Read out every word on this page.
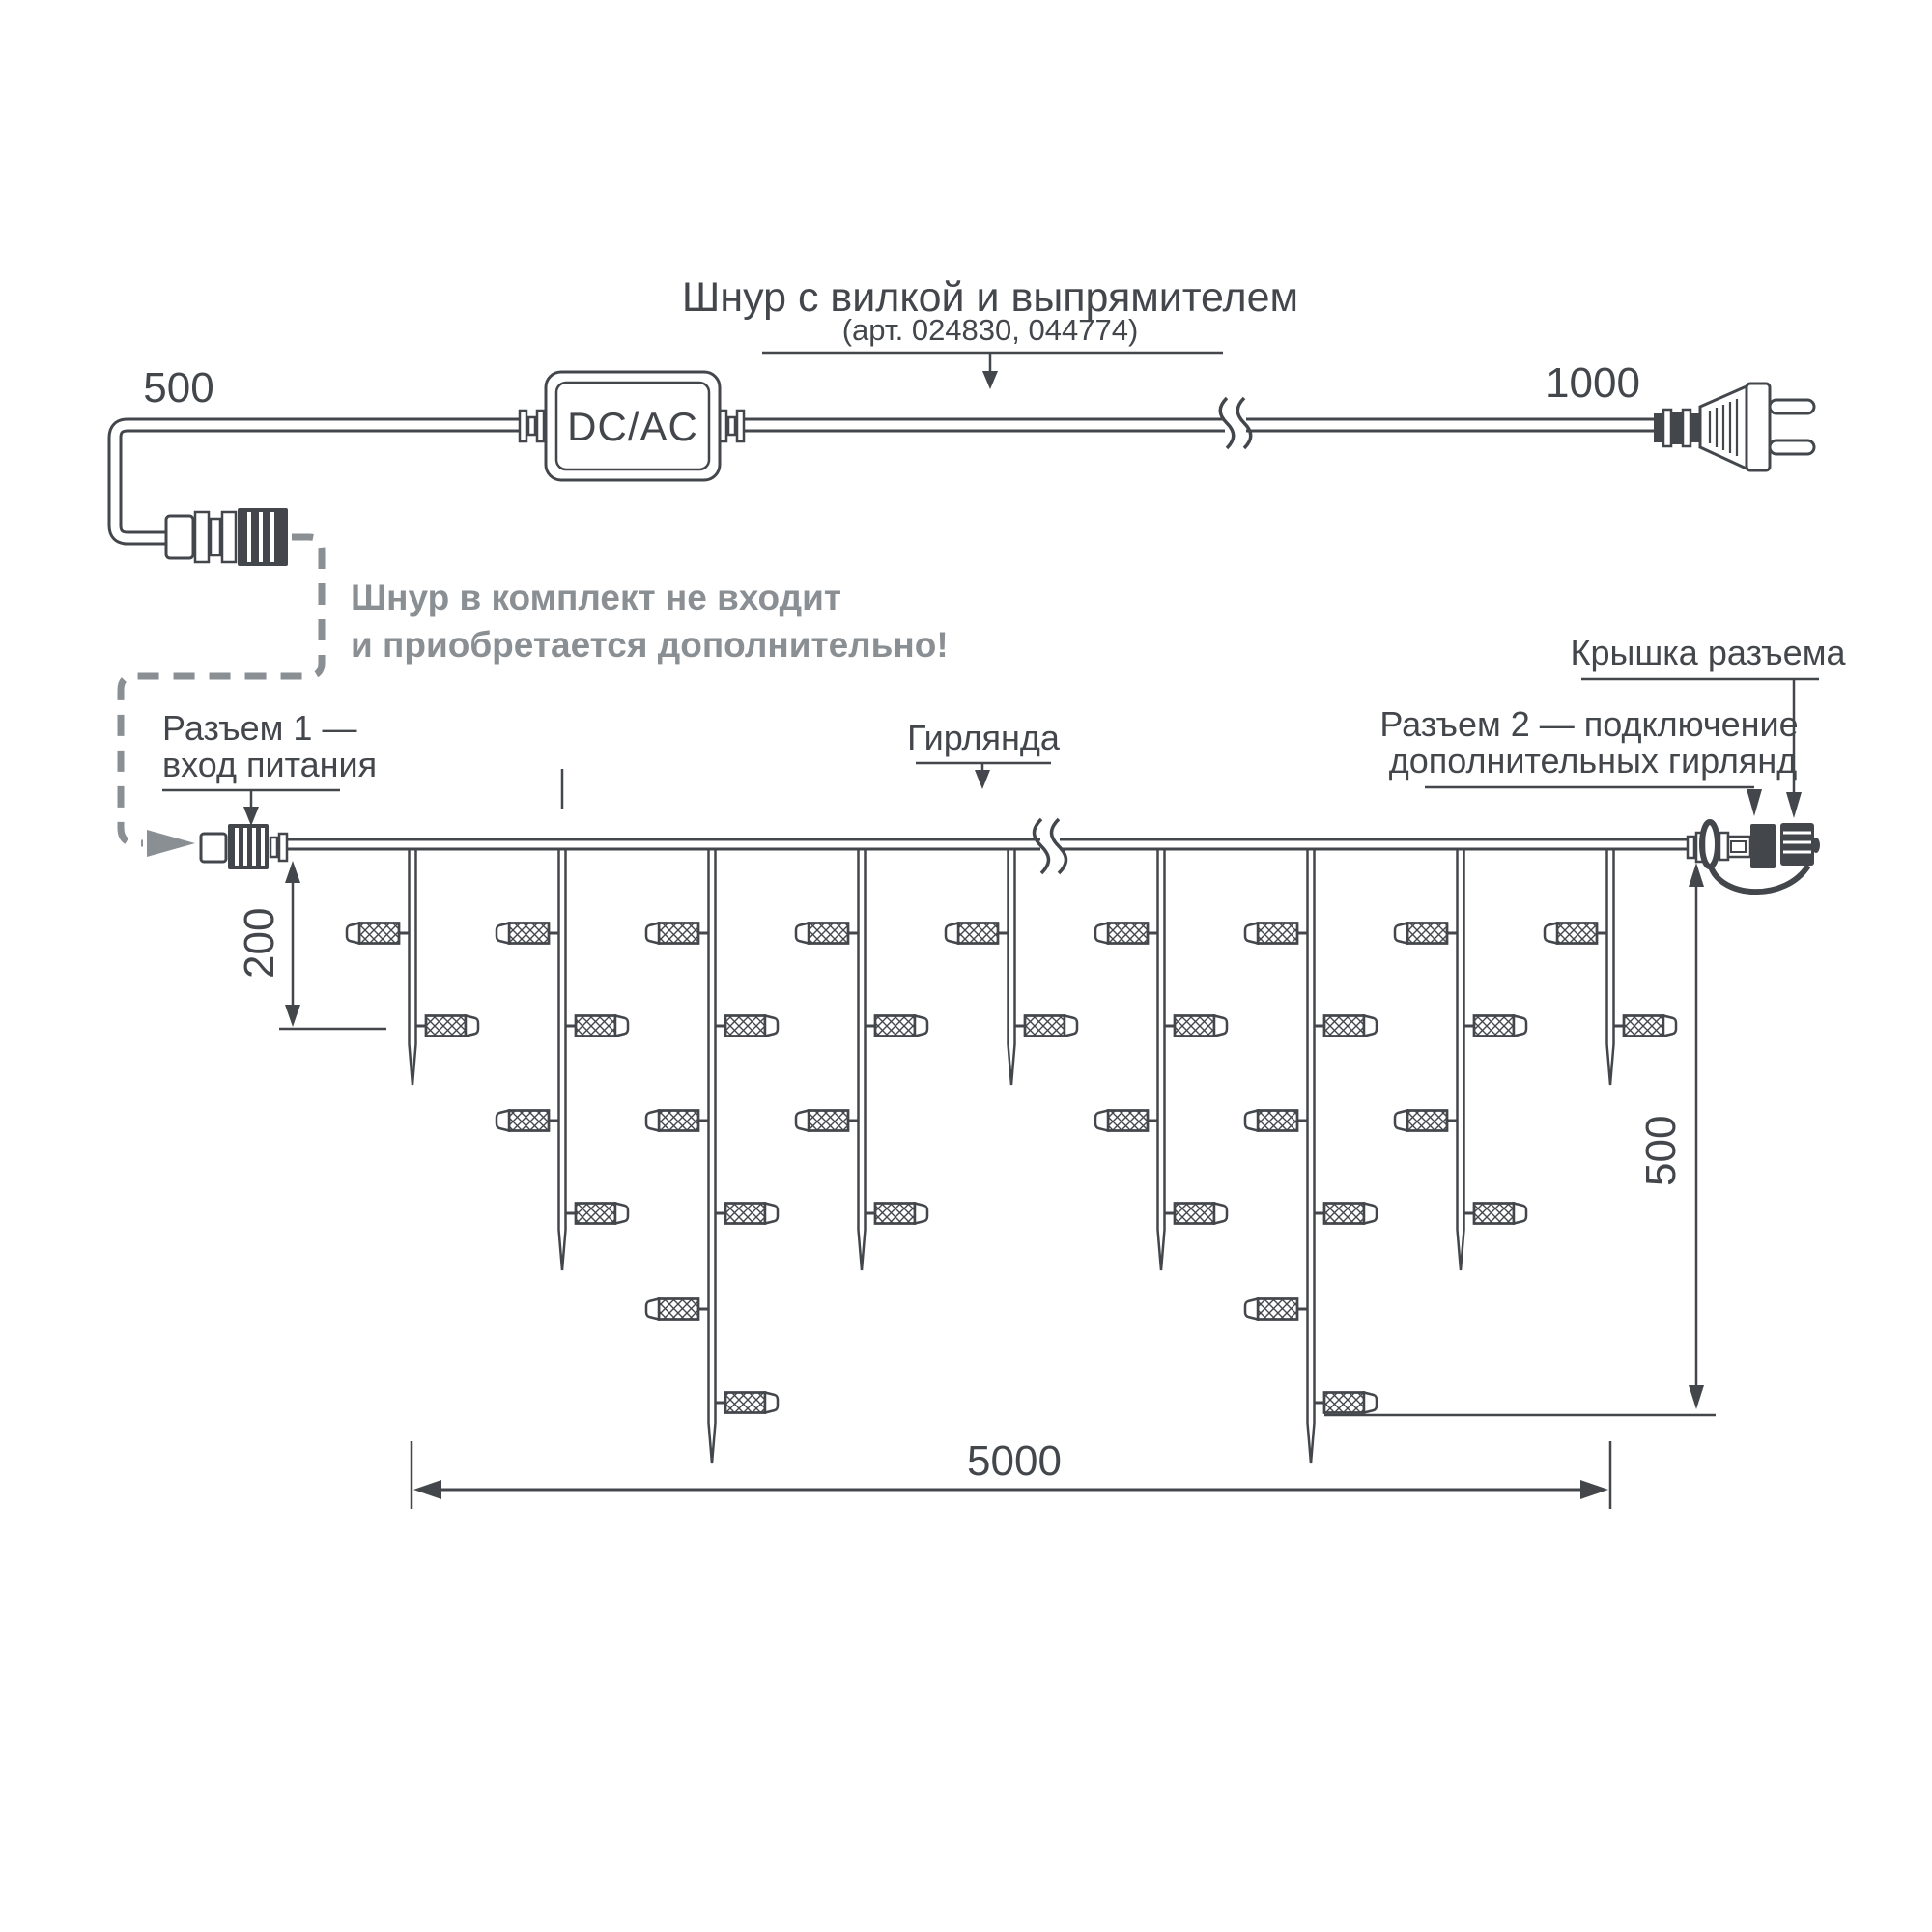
DC/AC
500	1000
Шнур с вилкой и выпрямителем
(арт. 024830, 044774)
Шнур в комплект не входит
и приобретается дополнительно!
Разъем 1 —
вход питания
Гирлянда
Крышка разъема
Разъем 2 — подключение
дополнительных гирлянд
200
500
5000
